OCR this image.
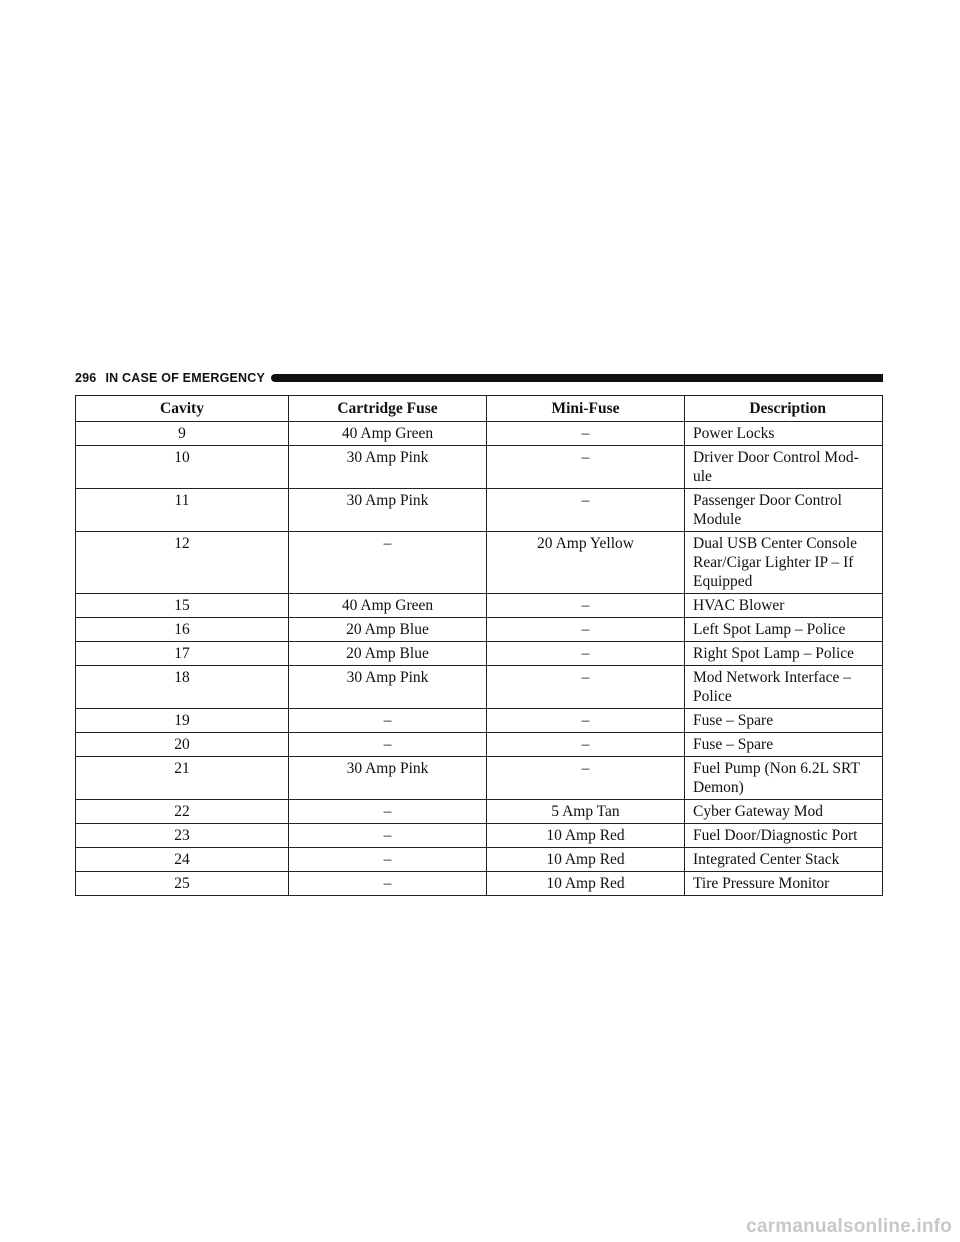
296 IN CASE OF EMERGENCY
Cavity	Cartridge Fuse	Mini-Fuse	Description
9	40 Amp Green	–	Power Locks
10	30 Amp Pink	–	Driver Door Control Mod-ule
11	30 Amp Pink	–	Passenger Door Control Module
12	–	20 Amp Yellow	Dual USB Center Console Rear/Cigar Lighter IP – If Equipped
15	40 Amp Green	–	HVAC Blower
16	20 Amp Blue	–	Left Spot Lamp – Police
17	20 Amp Blue	–	Right Spot Lamp – Police
18	30 Amp Pink	–	Mod Network Interface – Police
19	–	–	Fuse – Spare
20	–	–	Fuse – Spare
21	30 Amp Pink	–	Fuel Pump (Non 6.2L SRT Demon)
22	–	5 Amp Tan	Cyber Gateway Mod
23	–	10 Amp Red	Fuel Door/Diagnostic Port
24	–	10 Amp Red	Integrated Center Stack
25	–	10 Amp Red	Tire Pressure Monitor
carmanualsonline.info
